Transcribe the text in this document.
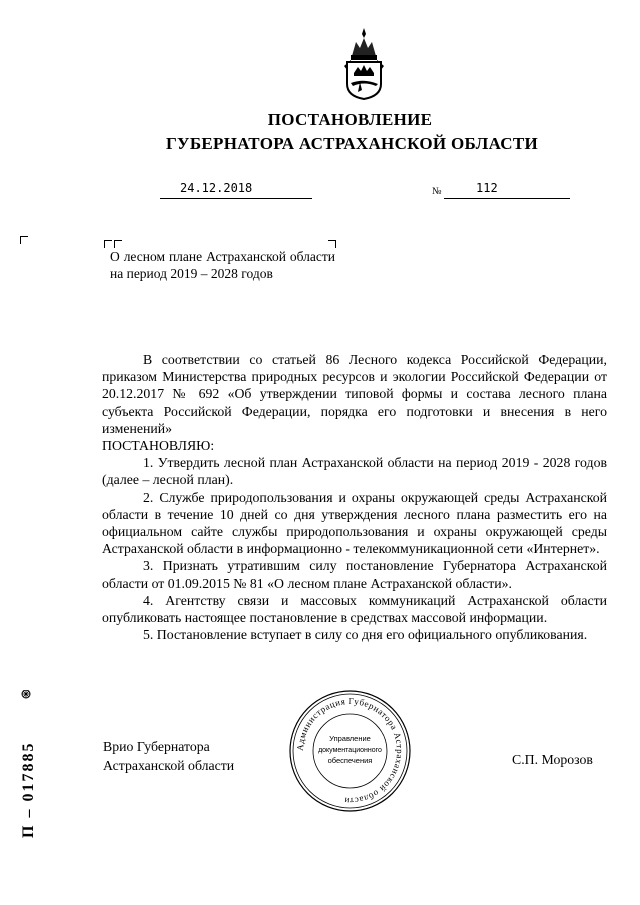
ПОСТАНОВЛЕНИЕ
ГУБЕРНАТОРА АСТРАХАНСКОЙ ОБЛАСТИ
24.12.2018	№	112
О лесном плане Астраханской области на период 2019 – 2028 годов

В соответствии со статьей 86 Лесного кодекса Российской Федерации, приказом Министерства природных ресурсов и экологии Российской Федерации от 20.12.2017 № 692 «Об утверждении типовой формы и состава лесного плана субъекта Российской Федерации, порядка его подготовки и внесения в него изменений»

ПОСТАНОВЛЯЮ:

1. Утвердить лесной план Астраханской области на период 2019 - 2028 годов (далее – лесной план).

2. Службе природопользования и охраны окружающей среды Астраханской области в течение 10 дней со дня утверждения лесного плана разместить его на официальном сайте службы природопользования и охраны окружающей среды Астраханской области в информационно - телекоммуникационной сети «Интернет».

3. Признать утратившим силу постановление Губернатора Астраханской области от 01.09.2015 № 81 «О лесном плане Астраханской области».

4. Агентству связи и массовых коммуникаций Астраханской области опубликовать настоящее постановление в средствах массовой информации.

5. Постановление вступает в силу со дня его официального опубликования.

Врио Губернатора
Астраханской области	С.П. Морозов
Администрация Губернатора Астраханской области
Управление
документационного
обеспечения
П – 017885
